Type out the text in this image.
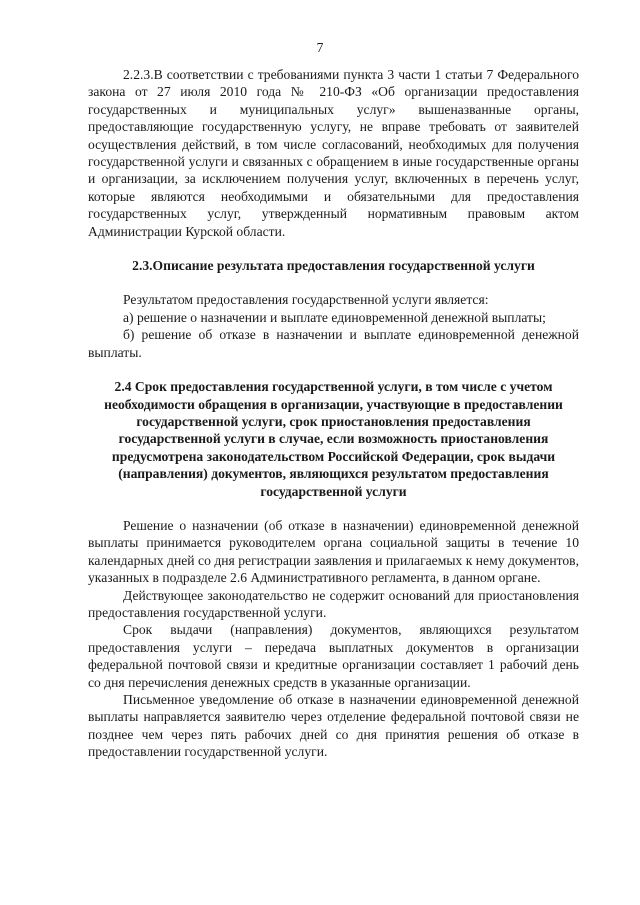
7

2.2.3.В соответствии с требованиями пункта 3 части 1 статьи 7 Федерального закона от 27 июля 2010 года № 210-ФЗ «Об организации предоставления государственных и муниципальных услуг» вышеназванные органы, предоставляющие государственную услугу, не вправе требовать от заявителей осуществления действий, в том числе согласований, необходимых для получения государственной услуги и связанных с обращением в иные государственные органы и организации, за исключением получения услуг, включенных в перечень услуг, которые являются необходимыми и обязательными для предоставления государственных услуг, утвержденный нормативным правовым актом Администрации Курской области.

2.3.Описание результата предоставления государственной услуги

Результатом предоставления государственной услуги является:

а) решение о назначении и выплате единовременной денежной выплаты;

б) решение об отказе в назначении и выплате единовременной денежной выплаты.

2.4 Срок предоставления государственной услуги, в том числе с учетом необходимости обращения в организации, участвующие в предоставлении государственной услуги, срок приостановления предоставления государственной услуги в случае, если возможность приостановления предусмотрена законодательством Российской Федерации, срок выдачи (направления) документов, являющихся результатом предоставления государственной услуги

Решение о назначении (об отказе в назначении) единовременной денежной выплаты принимается руководителем органа социальной защиты в течение 10 календарных дней со дня регистрации заявления и прилагаемых к нему документов, указанных в подразделе 2.6 Административного регламента, в данном органе.

Действующее законодательство не содержит оснований для приостановления предоставления государственной услуги.

Срок выдачи (направления) документов, являющихся результатом предоставления услуги – передача выплатных документов в организации федеральной почтовой связи и кредитные организации составляет 1 рабочий день со дня перечисления денежных средств в указанные организации.

Письменное уведомление об отказе в назначении единовременной денежной выплаты направляется заявителю через отделение федеральной почтовой связи не позднее чем через пять рабочих дней со дня принятия решения об отказе в предоставлении государственной услуги.
